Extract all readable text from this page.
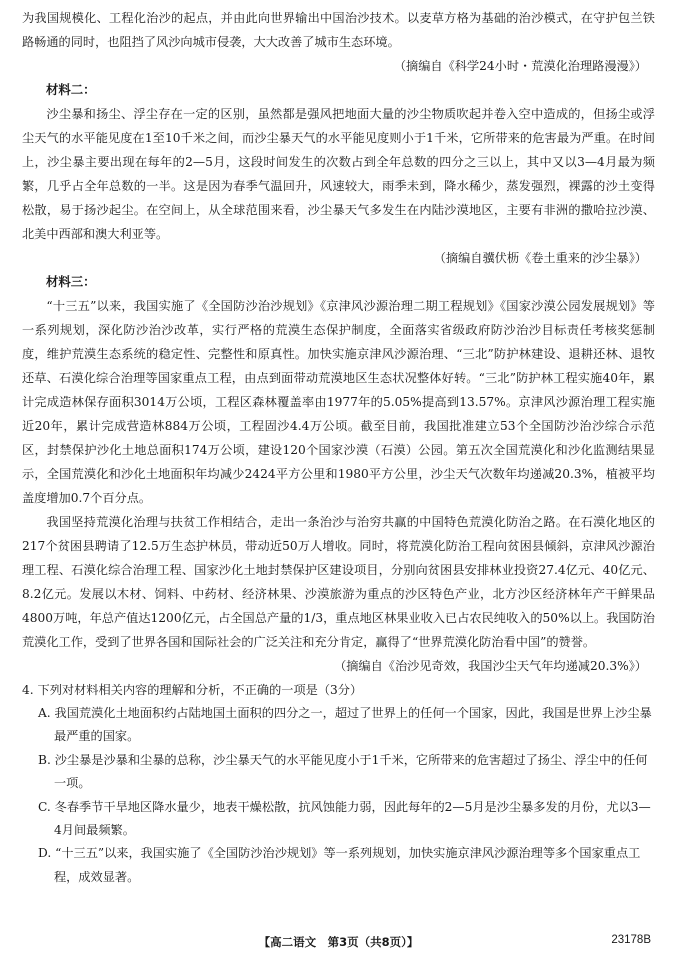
为我国规模化、工程化治沙的起点，并由此向世界输出中国治沙技术。以麦草方格为基础的治沙模式，在守护包兰铁路畅通的同时，也阻挡了风沙向城市侵袭，大大改善了城市生态环境。

（摘编自《科学24小时・荒漠化治理路漫漫》）

材料二：

沙尘暴和扬尘、浮尘存在一定的区别，虽然都是强风把地面大量的沙尘物质吹起并卷入空中造成的，但扬尘或浮尘天气的水平能见度在1至10千米之间，而沙尘暴天气的水平能见度则小于1千米，它所带来的危害最为严重。在时间上，沙尘暴主要出现在每年的2—5月，这段时间发生的次数占到全年总数的四分之三以上，其中又以3—4月最为频繁，几乎占全年总数的一半。这是因为春季气温回升，风速较大，雨季未到，降水稀少，蒸发强烈，裸露的沙土变得松散，易于扬沙起尘。在空间上，从全球范围来看，沙尘暴天气多发生在内陆沙漠地区，主要有非洲的撒哈拉沙漠、北美中西部和澳大利亚等。

（摘编自骥伏枥《卷土重来的沙尘暴》）

材料三：

“十三五”以来，我国实施了《全国防沙治沙规划》《京津风沙源治理二期工程规划》《国家沙漠公园发展规划》等一系列规划，深化防沙治沙改革，实行严格的荒漠生态保护制度，全面落实省级政府防沙治沙目标责任考核奖惩制度，维护荒漠生态系统的稳定性、完整性和原真性。加快实施京津风沙源治理、“三北”防护林建设、退耕还林、退牧还草、石漠化综合治理等国家重点工程，由点到面带动荒漠地区生态状况整体好转。“三北”防护林工程实施40年，累计完成造林保存面积3014万公顷，工程区森林覆盖率由1977年的5.05%提高到13.57%。京津风沙源治理工程实施近20年，累计完成营造林884万公顷，工程固沙4.4万公顷。截至目前，我国批准建立53个全国防沙治沙综合示范区，封禁保护沙化土地总面积174万公顷，建设120个国家沙漠（石漠）公园。第五次全国荒漠化和沙化监测结果显示，全国荒漠化和沙化土地面积年均减少2424平方公里和1980平方公里，沙尘天气次数年均递减20.3%，植被平均盖度增加0.7个百分点。

我国坚持荒漠化治理与扶贫工作相结合，走出一条治沙与治穷共赢的中国特色荒漠化防治之路。在石漠化地区的217个贫困县聘请了12.5万生态护林员，带动近50万人增收。同时，将荒漠化防治工程向贫困县倾斜，京津风沙源治理工程、石漠化综合治理工程、国家沙化土地封禁保护区建设项目，分别向贫困县安排林业投资27.4亿元、40亿元、8.2亿元。发展以木材、饲料、中药材、经济林果、沙漠旅游为重点的沙区特色产业，北方沙区经济林年产干鲜果品4800万吨，年总产值达1200亿元，占全国总产量的1/3，重点地区林果业收入已占农民纯收入的50%以上。我国防治荒漠化工作，受到了世界各国和国际社会的广泛关注和充分肯定，赢得了“世界荒漠化防治看中国”的赞誉。

（摘编自《治沙见奇效，我国沙尘天气年均递减20.3%》）

4. 下列对材料相关内容的理解和分析，不正确的一项是（3分）

A. 我国荒漠化土地面积约占陆地国土面积的四分之一，超过了世界上的任何一个国家，因此，我国是世界上沙尘暴最严重的国家。

B. 沙尘暴是沙暴和尘暴的总称，沙尘暴天气的水平能见度小于1千米，它所带来的危害超过了扬尘、浮尘中的任何一项。

C. 冬春季节干旱地区降水量少，地表干燥松散，抗风蚀能力弱，因此每年的2—5月是沙尘暴多发的月份，尤以3—4月间最频繁。

D. “十三五”以来，我国实施了《全国防沙治沙规划》等一系列规划，加快实施京津风沙源治理等多个国家重点工程，成效显著。

【高二语文　第3页（共8页）】	23178B
